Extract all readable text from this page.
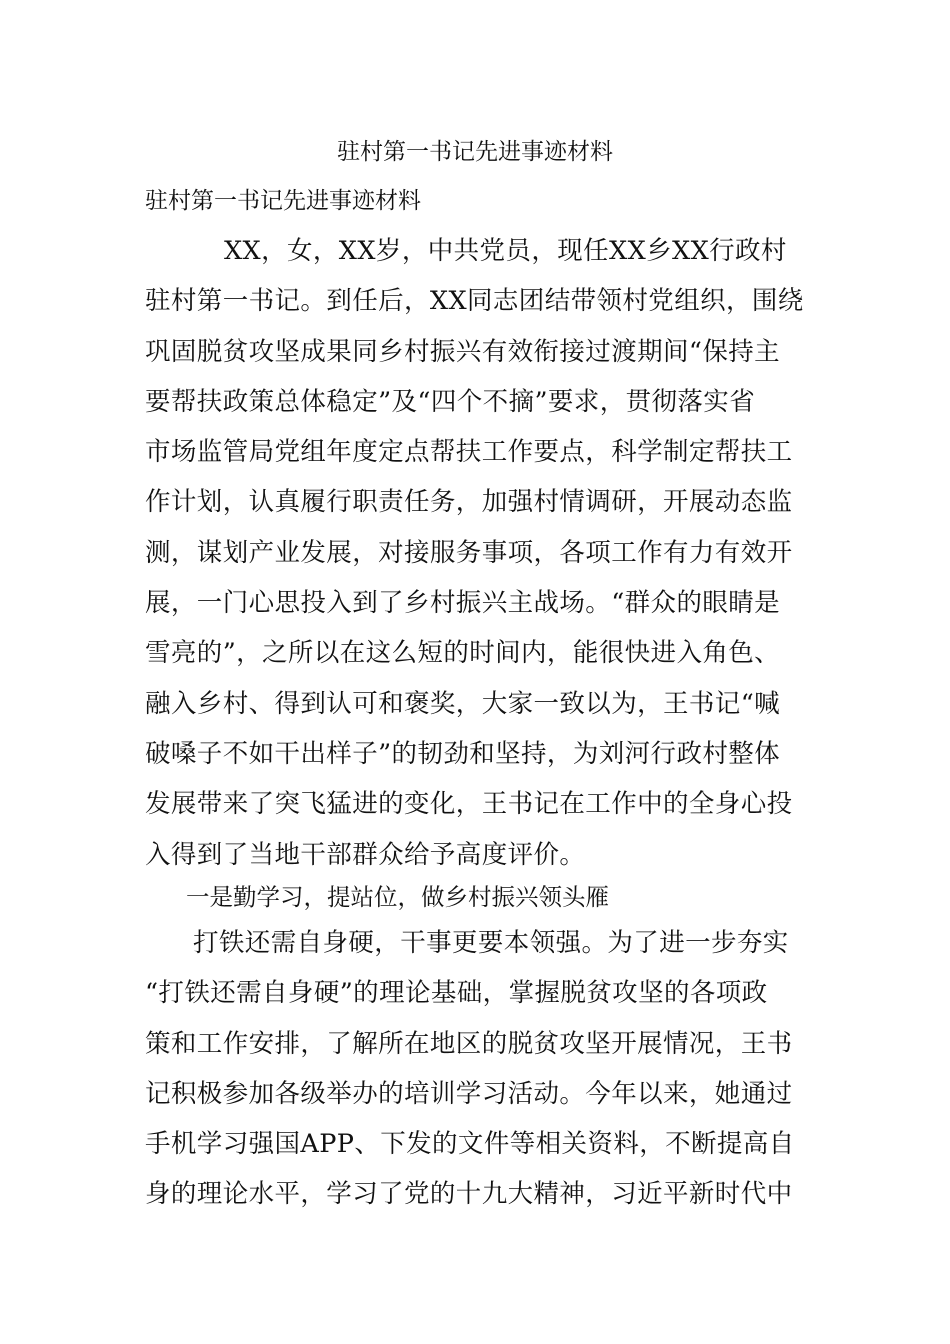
驻村第一书记先进事迹材料

驻村第一书记先进事迹材料

XX，女，XX岁，中共党员，现任XX乡XX行政村
驻村第一书记。到任后，XX同志团结带领村党组织，围绕
巩固脱贫攻坚成果同乡村振兴有效衔接过渡期间“保持主
要帮扶政策总体稳定”及“四个不摘”要求，贯彻落实省
市场监管局党组年度定点帮扶工作要点，科学制定帮扶工
作计划，认真履行职责任务，加强村情调研，开展动态监
测，谋划产业发展，对接服务事项，各项工作有力有效开
展，一门心思投入到了乡村振兴主战场。“群众的眼睛是
雪亮的”，之所以在这么短的时间内，能很快进入角色、
融入乡村、得到认可和褒奖，大家一致以为，王书记“喊
破嗓子不如干出样子”的韧劲和坚持，为刘河行政村整体
发展带来了突飞猛进的变化，王书记在工作中的全身心投
入得到了当地干部群众给予高度评价。
一是勤学习，提站位，做乡村振兴领头雁
打铁还需自身硬，干事更要本领强。为了进一步夯实
“打铁还需自身硬”的理论基础，掌握脱贫攻坚的各项政
策和工作安排，了解所在地区的脱贫攻坚开展情况，王书
记积极参加各级举办的培训学习活动。今年以来，她通过
手机学习强国APP、下发的文件等相关资料，不断提高自
身的理论水平，学习了党的十九大精神，习近平新时代中
